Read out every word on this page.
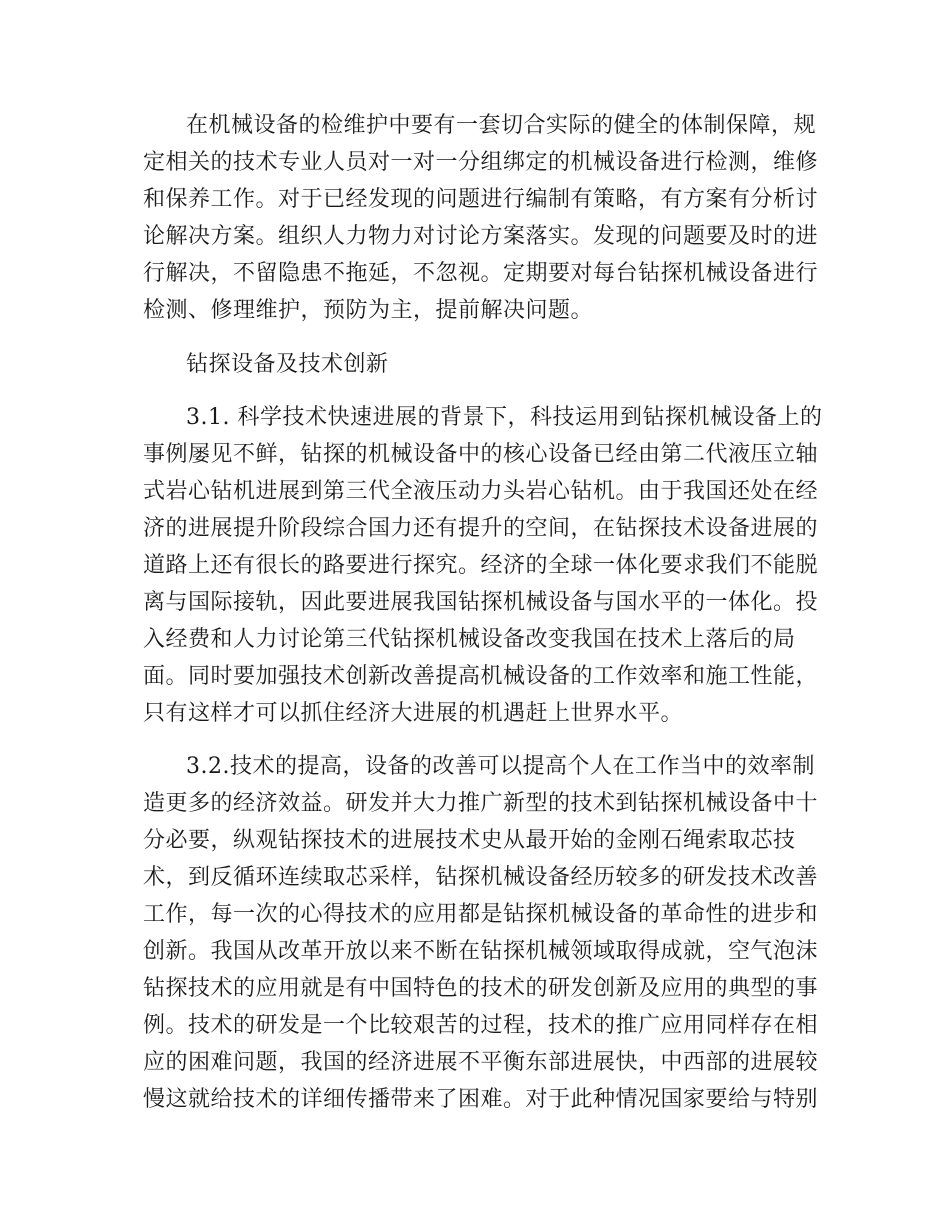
在机械设备的检维护中要有一套切合实际的健全的体制保障，规
定相关的技术专业人员对一对一分组绑定的机械设备进行检测，维修
和保养工作。对于已经发现的问题进行编制有策略，有方案有分析讨
论解决方案。组织人力物力对讨论方案落实。发现的问题要及时的进
行解决，不留隐患不拖延，不忽视。定期要对每台钻探机械设备进行
检测、修理维护，预防为主，提前解决问题。
钻探设备及技术创新
3.1. 科学技术快速进展的背景下，科技运用到钻探机械设备上的
事例屡见不鲜，钻探的机械设备中的核心设备已经由第二代液压立轴
式岩心钻机进展到第三代全液压动力头岩心钻机。由于我国还处在经
济的进展提升阶段综合国力还有提升的空间，在钻探技术设备进展的
道路上还有很长的路要进行探究。经济的全球一体化要求我们不能脱
离与国际接轨，因此要进展我国钻探机械设备与国水平的一体化。投
入经费和人力讨论第三代钻探机械设备改变我国在技术上落后的局
面。同时要加强技术创新改善提高机械设备的工作效率和施工性能，
只有这样才可以抓住经济大进展的机遇赶上世界水平。
3.2.技术的提高，设备的改善可以提高个人在工作当中的效率制
造更多的经济效益。研发并大力推广新型的技术到钻探机械设备中十
分必要，纵观钻探技术的进展技术史从最开始的金刚石绳索取芯技
术，到反循环连续取芯采样，钻探机械设备经历较多的研发技术改善
工作，每一次的心得技术的应用都是钻探机械设备的革命性的进步和
创新。我国从改革开放以来不断在钻探机械领域取得成就，空气泡沫
钻探技术的应用就是有中国特色的技术的研发创新及应用的典型的事
例。技术的研发是一个比较艰苦的过程，技术的推广应用同样存在相
应的困难问题，我国的经济进展不平衡东部进展快，中西部的进展较
慢这就给技术的详细传播带来了困难。对于此种情况国家要给与特别
